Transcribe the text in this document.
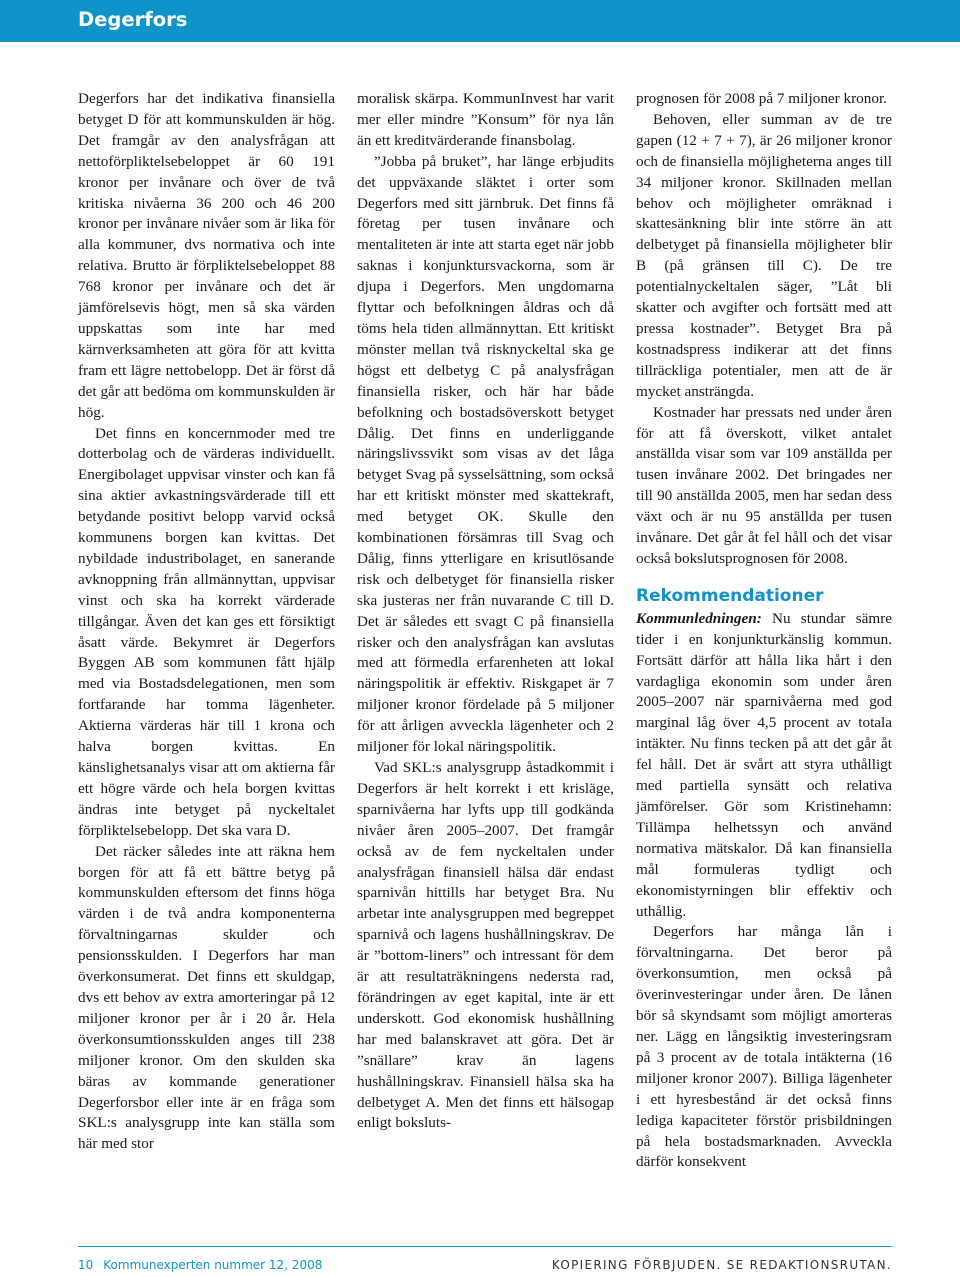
Degerfors

Degerfors har det indikativa finansiella betyget D för att kommunskulden är hög. Det framgår av den analysfrågan att nettoförpliktelsebeloppet är 60 191 kronor per invånare och över de två kritiska nivåerna 36 200 och 46 200 kronor per invånare nivåer som är lika för alla kommuner, dvs normativa och inte relativa. Brutto är förpliktelsebeloppet 88 768 kronor per invånare och det är jämförelsevis högt, men så ska värden uppskattas som inte har med kärnverksamheten att göra för att kvitta fram ett lägre nettobelopp. Det är först då det går att bedöma om kommunskulden är hög.

Det finns en koncernmoder med tre dotterbolag och de värderas individuellt. Energibolaget uppvisar vinster och kan få sina aktier avkastningsvärderade till ett betydande positivt belopp varvid också kommunens borgen kan kvittas. Det nybildade industribolaget, en sanerande avknoppning från allmännyttan, uppvisar vinst och ska ha korrekt värderade tillgångar. Även det kan ges ett försiktigt åsatt värde. Bekymret är Degerfors Byggen AB som kommunen fått hjälp med via Bostadsdelegationen, men som fortfarande har tomma lägenheter. Aktierna värderas här till 1 krona och halva borgen kvittas. En känslighetsanalys visar att om aktierna får ett högre värde och hela borgen kvittas ändras inte betyget på nyckeltalet förpliktelsebelopp. Det ska vara D.

Det räcker således inte att räkna hem borgen för att få ett bättre betyg på kommunskulden eftersom det finns höga värden i de två andra komponenterna förvaltningarnas skulder och pensionsskulden. I Degerfors har man överkonsumerat. Det finns ett skuldgap, dvs ett behov av extra amorteringar på 12 miljoner kronor per år i 20 år. Hela överkonsumtionsskulden anges till 238 miljoner kronor. Om den skulden ska bäras av kommande generationer Degerforsbor eller inte är en fråga som SKL:s analysgrupp inte kan ställa som här med stor

moralisk skärpa. KommunInvest har varit mer eller mindre ”Konsum” för nya lån än ett kreditvärderande finansbolag.

”Jobba på bruket”, har länge erbjudits det uppväxande släktet i orter som Degerfors med sitt järnbruk. Det finns få företag per tusen invånare och mentaliteten är inte att starta eget när jobb saknas i konjunktursvackorna, som är djupa i Degerfors. Men ungdomarna flyttar och befolkningen åldras och då töms hela tiden allmännyttan. Ett kritiskt mönster mellan två risknyckeltal ska ge högst ett delbetyg C på analysfrågan finansiella risker, och här har både befolkning och bostadsöverskott betyget Dålig. Det finns en underliggande näringslivssvikt som visas av det låga betyget Svag på sysselsättning, som också har ett kritiskt mönster med skattekraft, med betyget OK. Skulle den kombinationen försämras till Svag och Dålig, finns ytterligare en krisutlösande risk och delbetyget för finansiella risker ska justeras ner från nuvarande C till D. Det är således ett svagt C på finansiella risker och den analysfrågan kan avslutas med att förmedla erfarenheten att lokal näringspolitik är effektiv. Riskgapet är 7 miljoner kronor fördelade på 5 miljoner för att årligen avveckla lägenheter och 2 miljoner för lokal näringspolitik.

Vad SKL:s analysgrupp åstadkommit i Degerfors är helt korrekt i ett krisläge, sparnivåerna har lyfts upp till godkända nivåer åren 2005–2007. Det framgår också av de fem nyckeltalen under analysfrågan finansiell hälsa där endast sparnivån hittills har betyget Bra. Nu arbetar inte analysgruppen med begreppet sparnivå och lagens hushållningskrav. De är ”bottom-liners” och intressant för dem är att resultaträkningens nedersta rad, förändringen av eget kapital, inte är ett underskott. God ekonomisk hushållning har med balanskravet att göra. Det är ”snällare” krav än lagens hushållningskrav. Finansiell hälsa ska ha delbetyget A. Men det finns ett hälsogap enligt boksluts-

prognosen för 2008 på 7 miljoner kronor.

Behoven, eller summan av de tre gapen (12 + 7 + 7), är 26 miljoner kronor och de finansiella möjligheterna anges till 34 miljoner kronor. Skillnaden mellan behov och möjligheter omräknad i skattesänkning blir inte större än att delbetyget på finansiella möjligheter blir B (på gränsen till C). De tre potentialnyckeltalen säger, ”Låt bli skatter och avgifter och fortsätt med att pressa kostnader”. Betyget Bra på kostnadspress indikerar att det finns tillräckliga potentialer, men att de är mycket ansträngda.

Kostnader har pressats ned under åren för att få överskott, vilket antalet anställda visar som var 109 anställda per tusen invånare 2002. Det bringades ner till 90 anställda 2005, men har sedan dess växt och är nu 95 anställda per tusen invånare. Det går åt fel håll och det visar också bokslutsprognosen för 2008.

Rekommendationer

Kommunledningen: Nu stundar sämre tider i en konjunkturkänslig kommun. Fortsätt därför att hålla lika hårt i den vardagliga ekonomin som under åren 2005–2007 när sparnivåerna med god marginal låg över 4,5 procent av totala intäkter. Nu finns tecken på att det går åt fel håll. Det är svårt att styra uthålligt med partiella synsätt och relativa jämförelser. Gör som Kristinehamn: Tillämpa helhetssyn och använd normativa mätskalor. Då kan finansiella mål formuleras tydligt och ekonomistyrningen blir effektiv och uthållig.

Degerfors har många lån i förvaltningarna. Det beror på överkonsumtion, men också på överinvesteringar under åren. De lånen bör så skyndsamt som möjligt amorteras ner. Lägg en långsiktig investeringsram på 3 procent av de totala intäkterna (16 miljoner kronor 2007). Billiga lägenheter i ett hyresbestånd är det också finns lediga kapaciteter förstör prisbildningen på hela bostadsmarknaden. Avveckla därför konsekvent

10 Kommunexperten nummer 12, 2008	KOPIERING FÖRBJUDEN. SE REDAKTIONSRUTAN.
